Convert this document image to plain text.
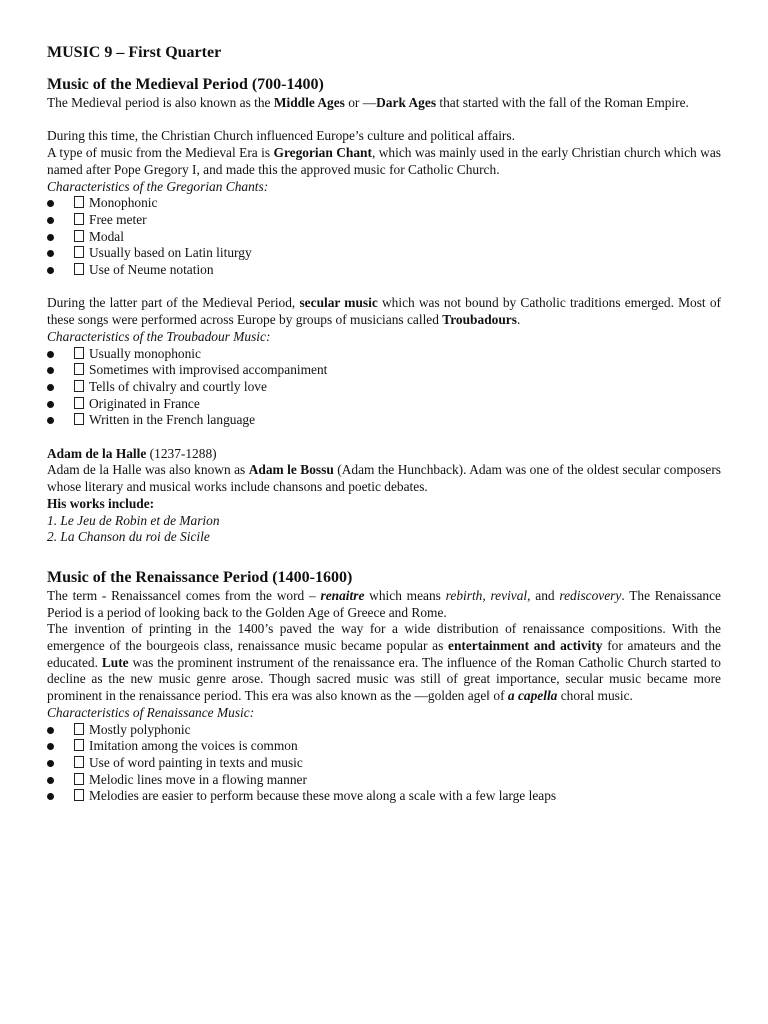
MUSIC 9 – First Quarter
Music of the Medieval Period (700-1400)

The Medieval period is also known as the Middle Ages or —Dark Ages that started with the fall of the Roman Empire.

During this time, the Christian Church influenced Europe’s culture and political affairs.

A type of music from the Medieval Era is Gregorian Chant, which was mainly used in the early Christian church which was named after Pope Gregory I, and made this the approved music for Catholic Church.

Characteristics of the Gregorian Chants:

Monophonic
Free meter
Modal
Usually based on Latin liturgy
Use of Neume notation

During the latter part of the Medieval Period, secular music which was not bound by Catholic traditions emerged. Most of these songs were performed across Europe by groups of musicians called Troubadours.

Characteristics of the Troubadour Music:

Usually monophonic
Sometimes with improvised accompaniment
Tells of chivalry and courtly love
Originated in France
Written in the French language

Adam de la Halle (1237-1288)

Adam de la Halle was also known as Adam le Bossu (Adam the Hunchback). Adam was one of the oldest secular composers whose literary and musical works include chansons and poetic debates.

His works include:

1. Le Jeu de Robin et de Marion

2. La Chanson du roi de Sicile

Music of the Renaissance Period (1400-1600)

The term - Renaissance‖ comes from the word – renaitre which means rebirth, revival, and rediscovery. The Renaissance Period is a period of looking back to the Golden Age of Greece and Rome.

The invention of printing in the 1400’s paved the way for a wide distribution of renaissance compositions. With the emergence of the bourgeois class, renaissance music became popular as entertainment and activity for amateurs and the educated. Lute was the prominent instrument of the renaissance era. The influence of the Roman Catholic Church started to decline as the new music genre arose. Though sacred music was still of great importance, secular music became more prominent in the renaissance period. This era was also known as the —golden age‖ of a capella choral music.

Characteristics of Renaissance Music:

Mostly polyphonic
Imitation among the voices is common
Use of word painting in texts and music
Melodic lines move in a flowing manner
Melodies are easier to perform because these move along a scale with a few large leaps
